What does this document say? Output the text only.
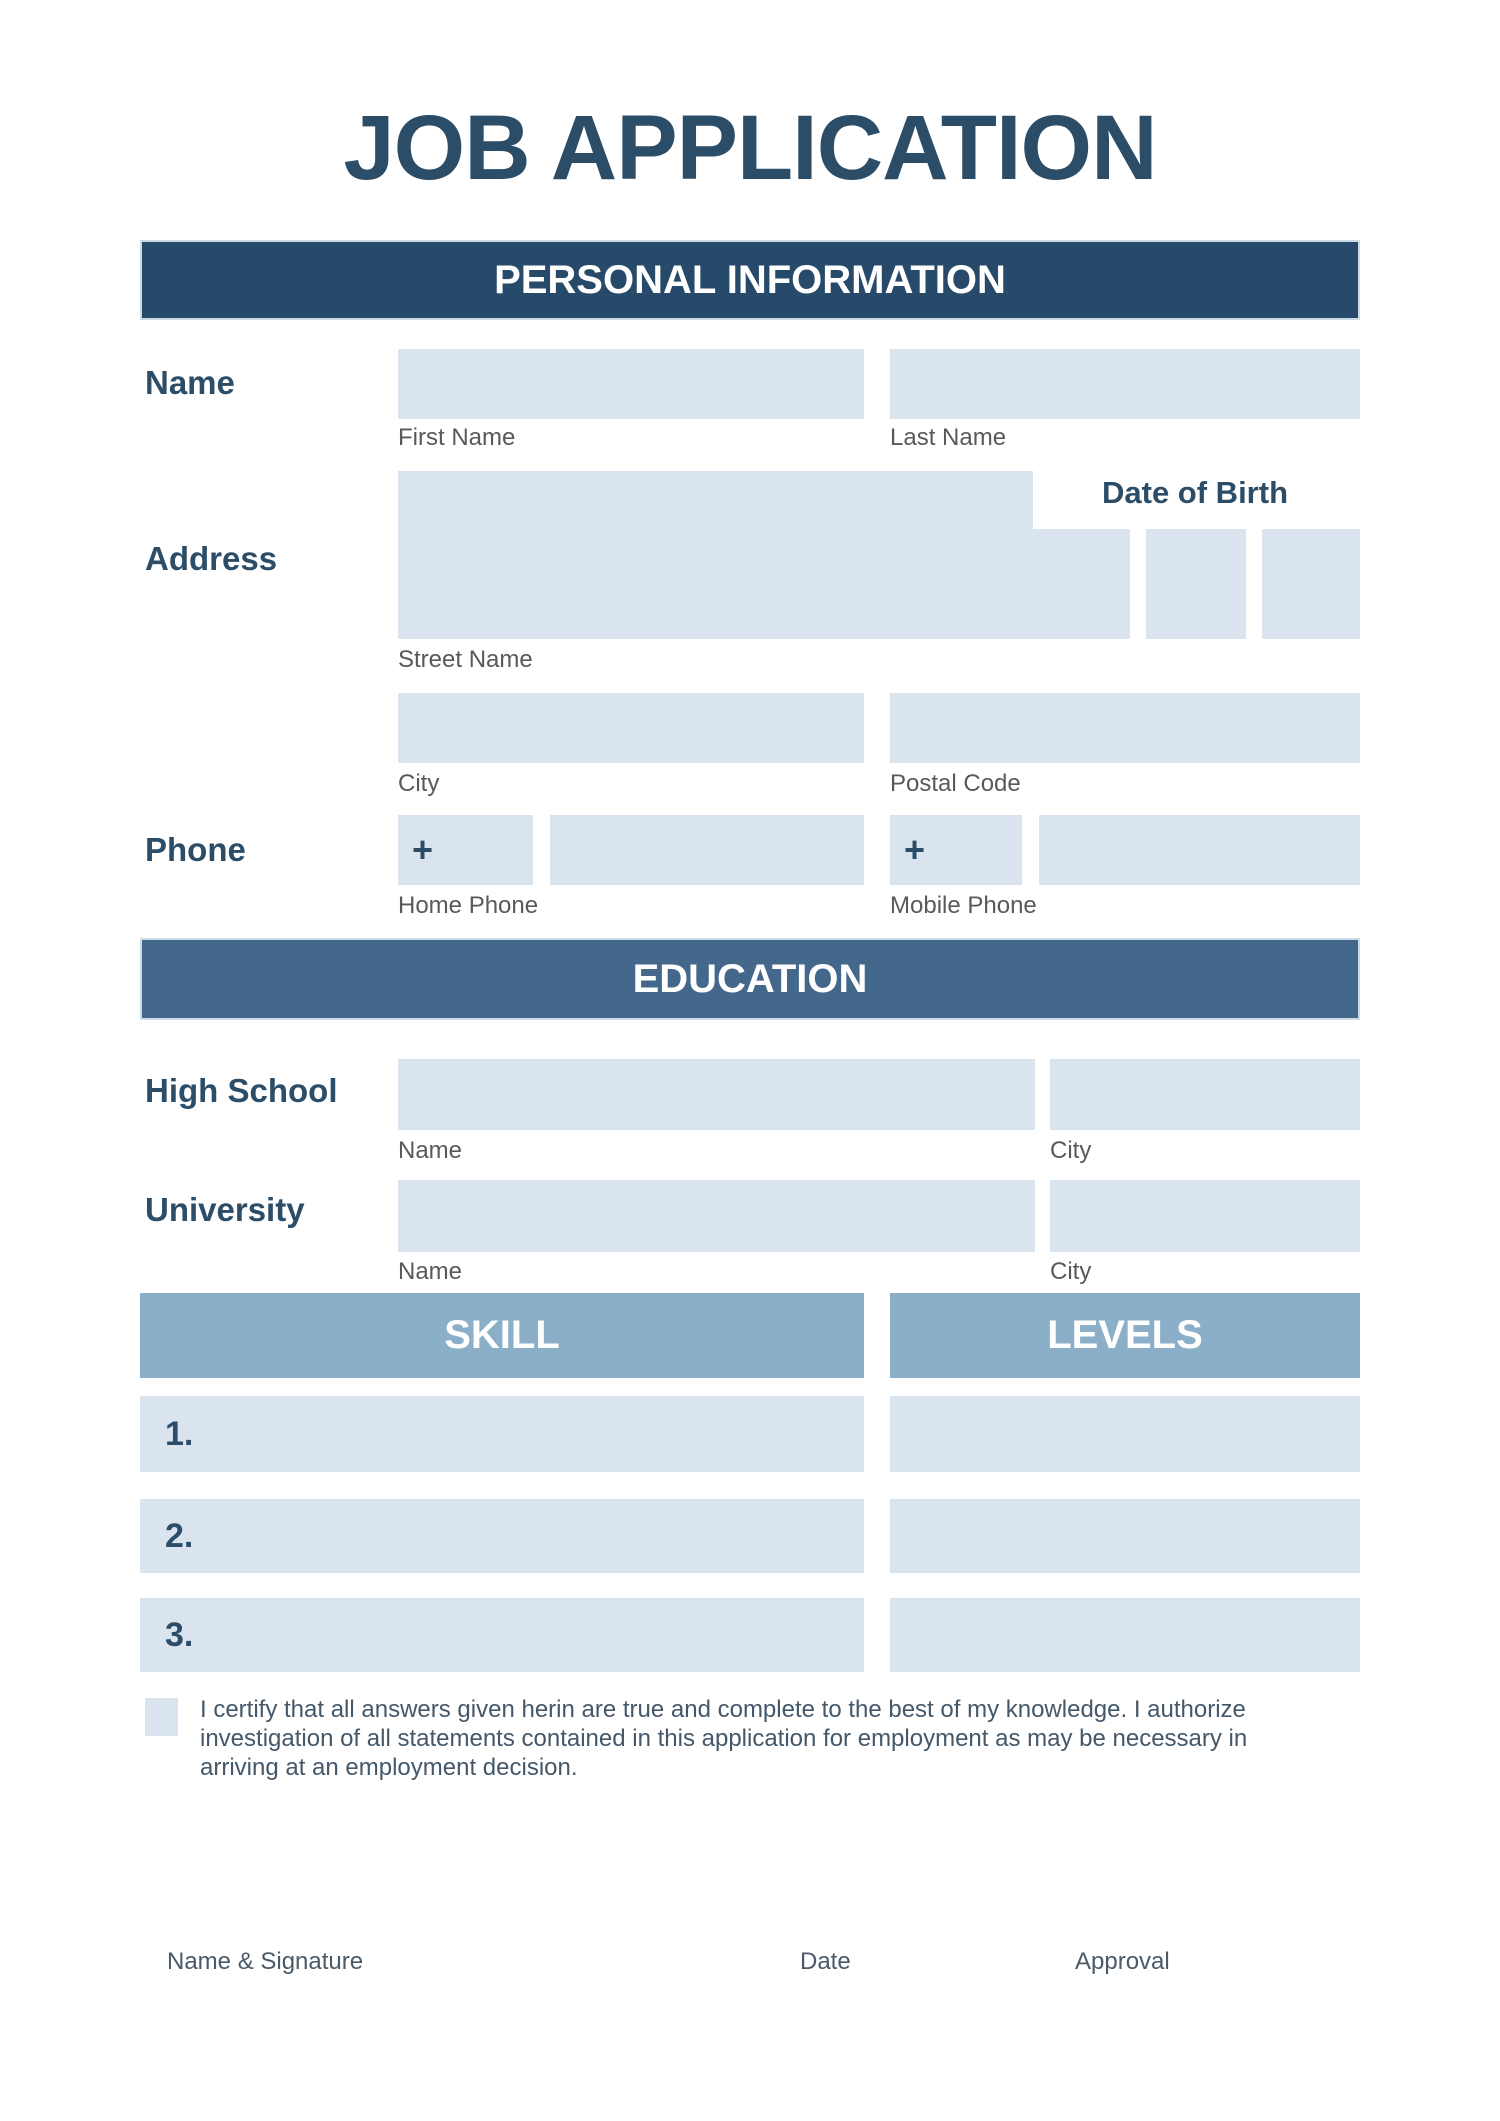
JOB APPLICATION
PERSONAL INFORMATION
Name
First Name	Last Name
Address
Street Name
Date of Birth
City	Postal Code
Phone	+	+
Home Phone	Mobile Phone
EDUCATION
High School
Name	City
University
Name	City
SKILL	LEVELS
1.
2.
3.
I certify that all answers given herin are true and complete to the best of my knowledge. I authorize
investigation of all statements contained in this application for employment as may be necessary in
arriving at an employment decision.
Name & Signature	Date	Approval
